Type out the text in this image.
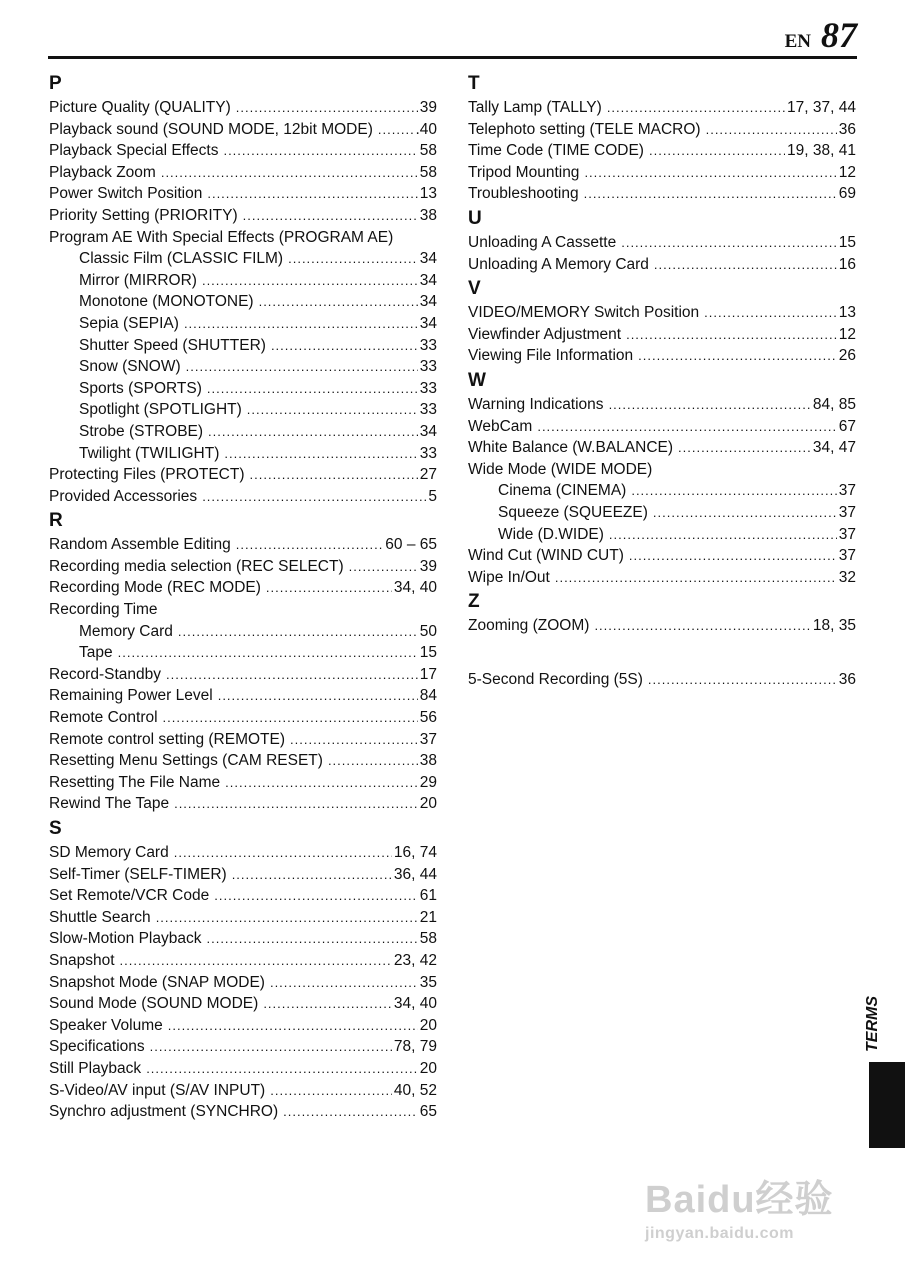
EN 87
P
Picture Quality (QUALITY) .....	39
Playback sound (SOUND MODE, 12bit MODE) .....	.40
Playback Special Effects .....	58
Playback Zoom .....	58
Power Switch Position .....	13
Priority Setting (PRIORITY) .....	38
Program AE With Special Effects (PROGRAM AE)
Classic Film (CLASSIC FILM) .....	34
Mirror (MIRROR) .....	34
Monotone (MONOTONE) .....	34
Sepia (SEPIA) .....	34
Shutter Speed (SHUTTER) .....	33
Snow (SNOW) .....	33
Sports (SPORTS) .....	33
Spotlight (SPOTLIGHT) .....	33
Strobe (STROBE) .....	34
Twilight (TWILIGHT) .....	33
Protecting Files (PROTECT) .....	27
Provided Accessories .....	5
R
Random Assemble Editing .....	60 – 65
Recording media selection (REC SELECT) .....	39
Recording Mode (REC MODE) .....	34, 40
Recording Time
Memory Card .....	50
Tape .....	15
Record-Standby .....	17
Remaining Power Level .....	84
Remote Control .....	56
Remote control setting (REMOTE) .....	37
Resetting Menu Settings (CAM RESET) .....	38
Resetting The File Name .....	29
Rewind The Tape .....	20
S
SD Memory Card .....	16, 74
Self-Timer (SELF-TIMER) .....	36, 44
Set Remote/VCR Code .....	61
Shuttle Search .....	21
Slow-Motion Playback .....	58
Snapshot .....	23, 42
Snapshot Mode (SNAP MODE) .....	35
Sound Mode (SOUND MODE) .....	34, 40
Speaker Volume .....	20
Specifications .....	78, 79
Still Playback .....	20
S-Video/AV input (S/AV INPUT) .....	40, 52
Synchro adjustment (SYNCHRO) .....	65
T
Tally Lamp (TALLY) .....	17, 37, 44
Telephoto setting (TELE MACRO) .....	36
Time Code (TIME CODE) .....	19, 38, 41
Tripod Mounting .....	12
Troubleshooting .....	69
U
Unloading A Cassette .....	15
Unloading A Memory Card .....	16
V
VIDEO/MEMORY Switch Position .....	13
Viewfinder Adjustment .....	12
Viewing File Information .....	26
W
Warning Indications .....	84, 85
WebCam .....	67
White Balance (W.BALANCE) .....	34, 47
Wide Mode (WIDE MODE)
Cinema (CINEMA) .....	37
Squeeze (SQUEEZE) .....	37
Wide (D.WIDE) .....	37
Wind Cut (WIND CUT) .....	37
Wipe In/Out .....	32
Z
Zooming (ZOOM) .....	18, 35
5-Second Recording (5S) .....	36
TERMS
Baidu经验
jingyan.baidu.com
